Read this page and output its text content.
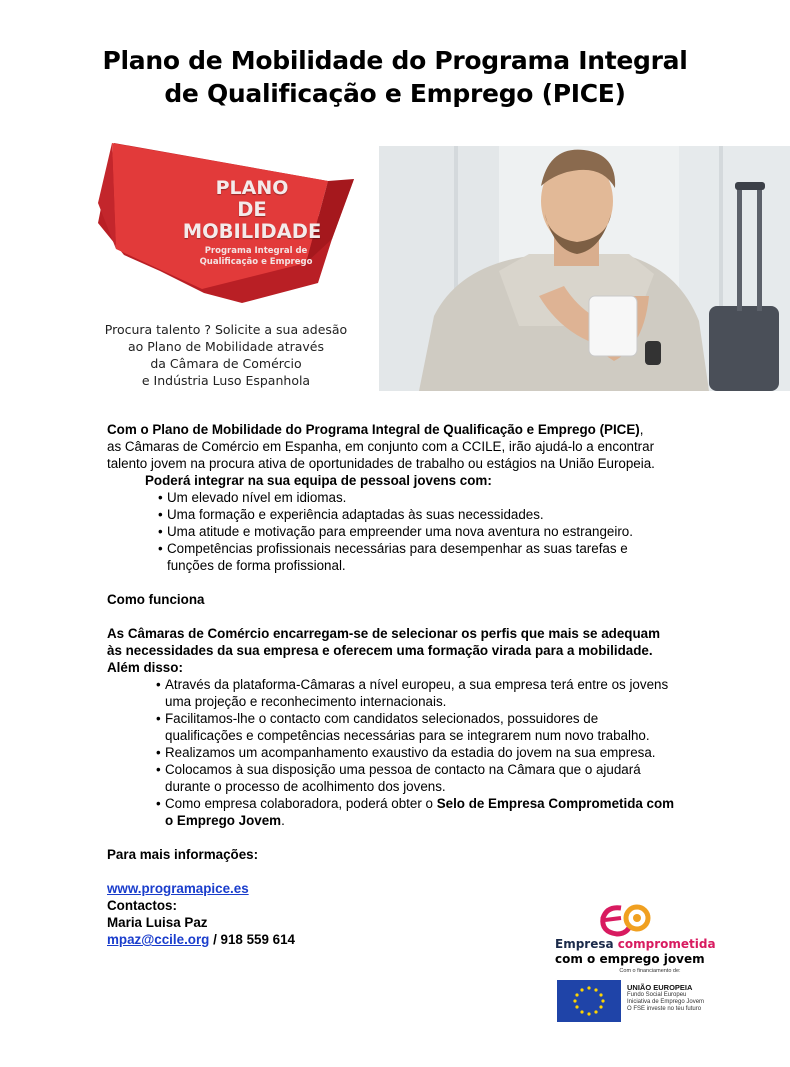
Plano de Mobilidade do Programa Integral
de Qualificação e Emprego (PICE)
PLANO
DE MOBILIDADE
Programa Integral de
Qualificação e Emprego
Procura talento ? Solicite a sua adesão
ao Plano de Mobilidade através
da Câmara de Comércio
e Indústria Luso Espanhola

Com o Plano de Mobilidade do Programa Integral de Qualificação e Emprego (PICE),
as Câmaras de Comércio em Espanha, em conjunto com a CCILE, irão ajudá-lo a encontrar
talento jovem na procura ativa de oportunidades de trabalho ou estágios na União Europeia.

Poderá integrar na sua equipa de pessoal jovens com:

• Um elevado nível em idiomas.
• Uma formação e experiência adaptadas às suas necessidades.
• Uma atitude e motivação para empreender uma nova aventura no estrangeiro.
• Competências profissionais necessárias para desempenhar as suas tarefas e
funções de forma profissional.

Como funciona

As Câmaras de Comércio encarregam-se de selecionar os perfis que mais se adequam
às necessidades da sua empresa e oferecem uma formação virada para a mobilidade.
Além disso:

• Através da plataforma-Câmaras a nível europeu, a sua empresa terá entre os jovens
uma projeção e reconhecimento internacionais.
• Facilitamos-lhe o contacto com candidatos selecionados, possuidores de
qualificações e competências necessárias para se integrarem num novo trabalho.
• Realizamos um acompanhamento exaustivo da estadia do jovem na sua empresa.
• Colocamos à sua disposição uma pessoa de contacto na Câmara que o ajudará
durante o processo de acolhimento dos jovens.
• Como empresa colaboradora, poderá obter o Selo de Empresa Comprometida com
o Emprego Jovem.

Para mais informações:

www.programapice.es
Contactos:
Maria Luisa Paz
mpaz@ccile.org / 918 559 614	Empresa comprometida
com o emprego jovem
Com o financiamento de:
UNIÃO EUROPEIA
Fundo Social Europeu
Iniciativa de Emprego Jovem
O FSE investe no teu futuro
